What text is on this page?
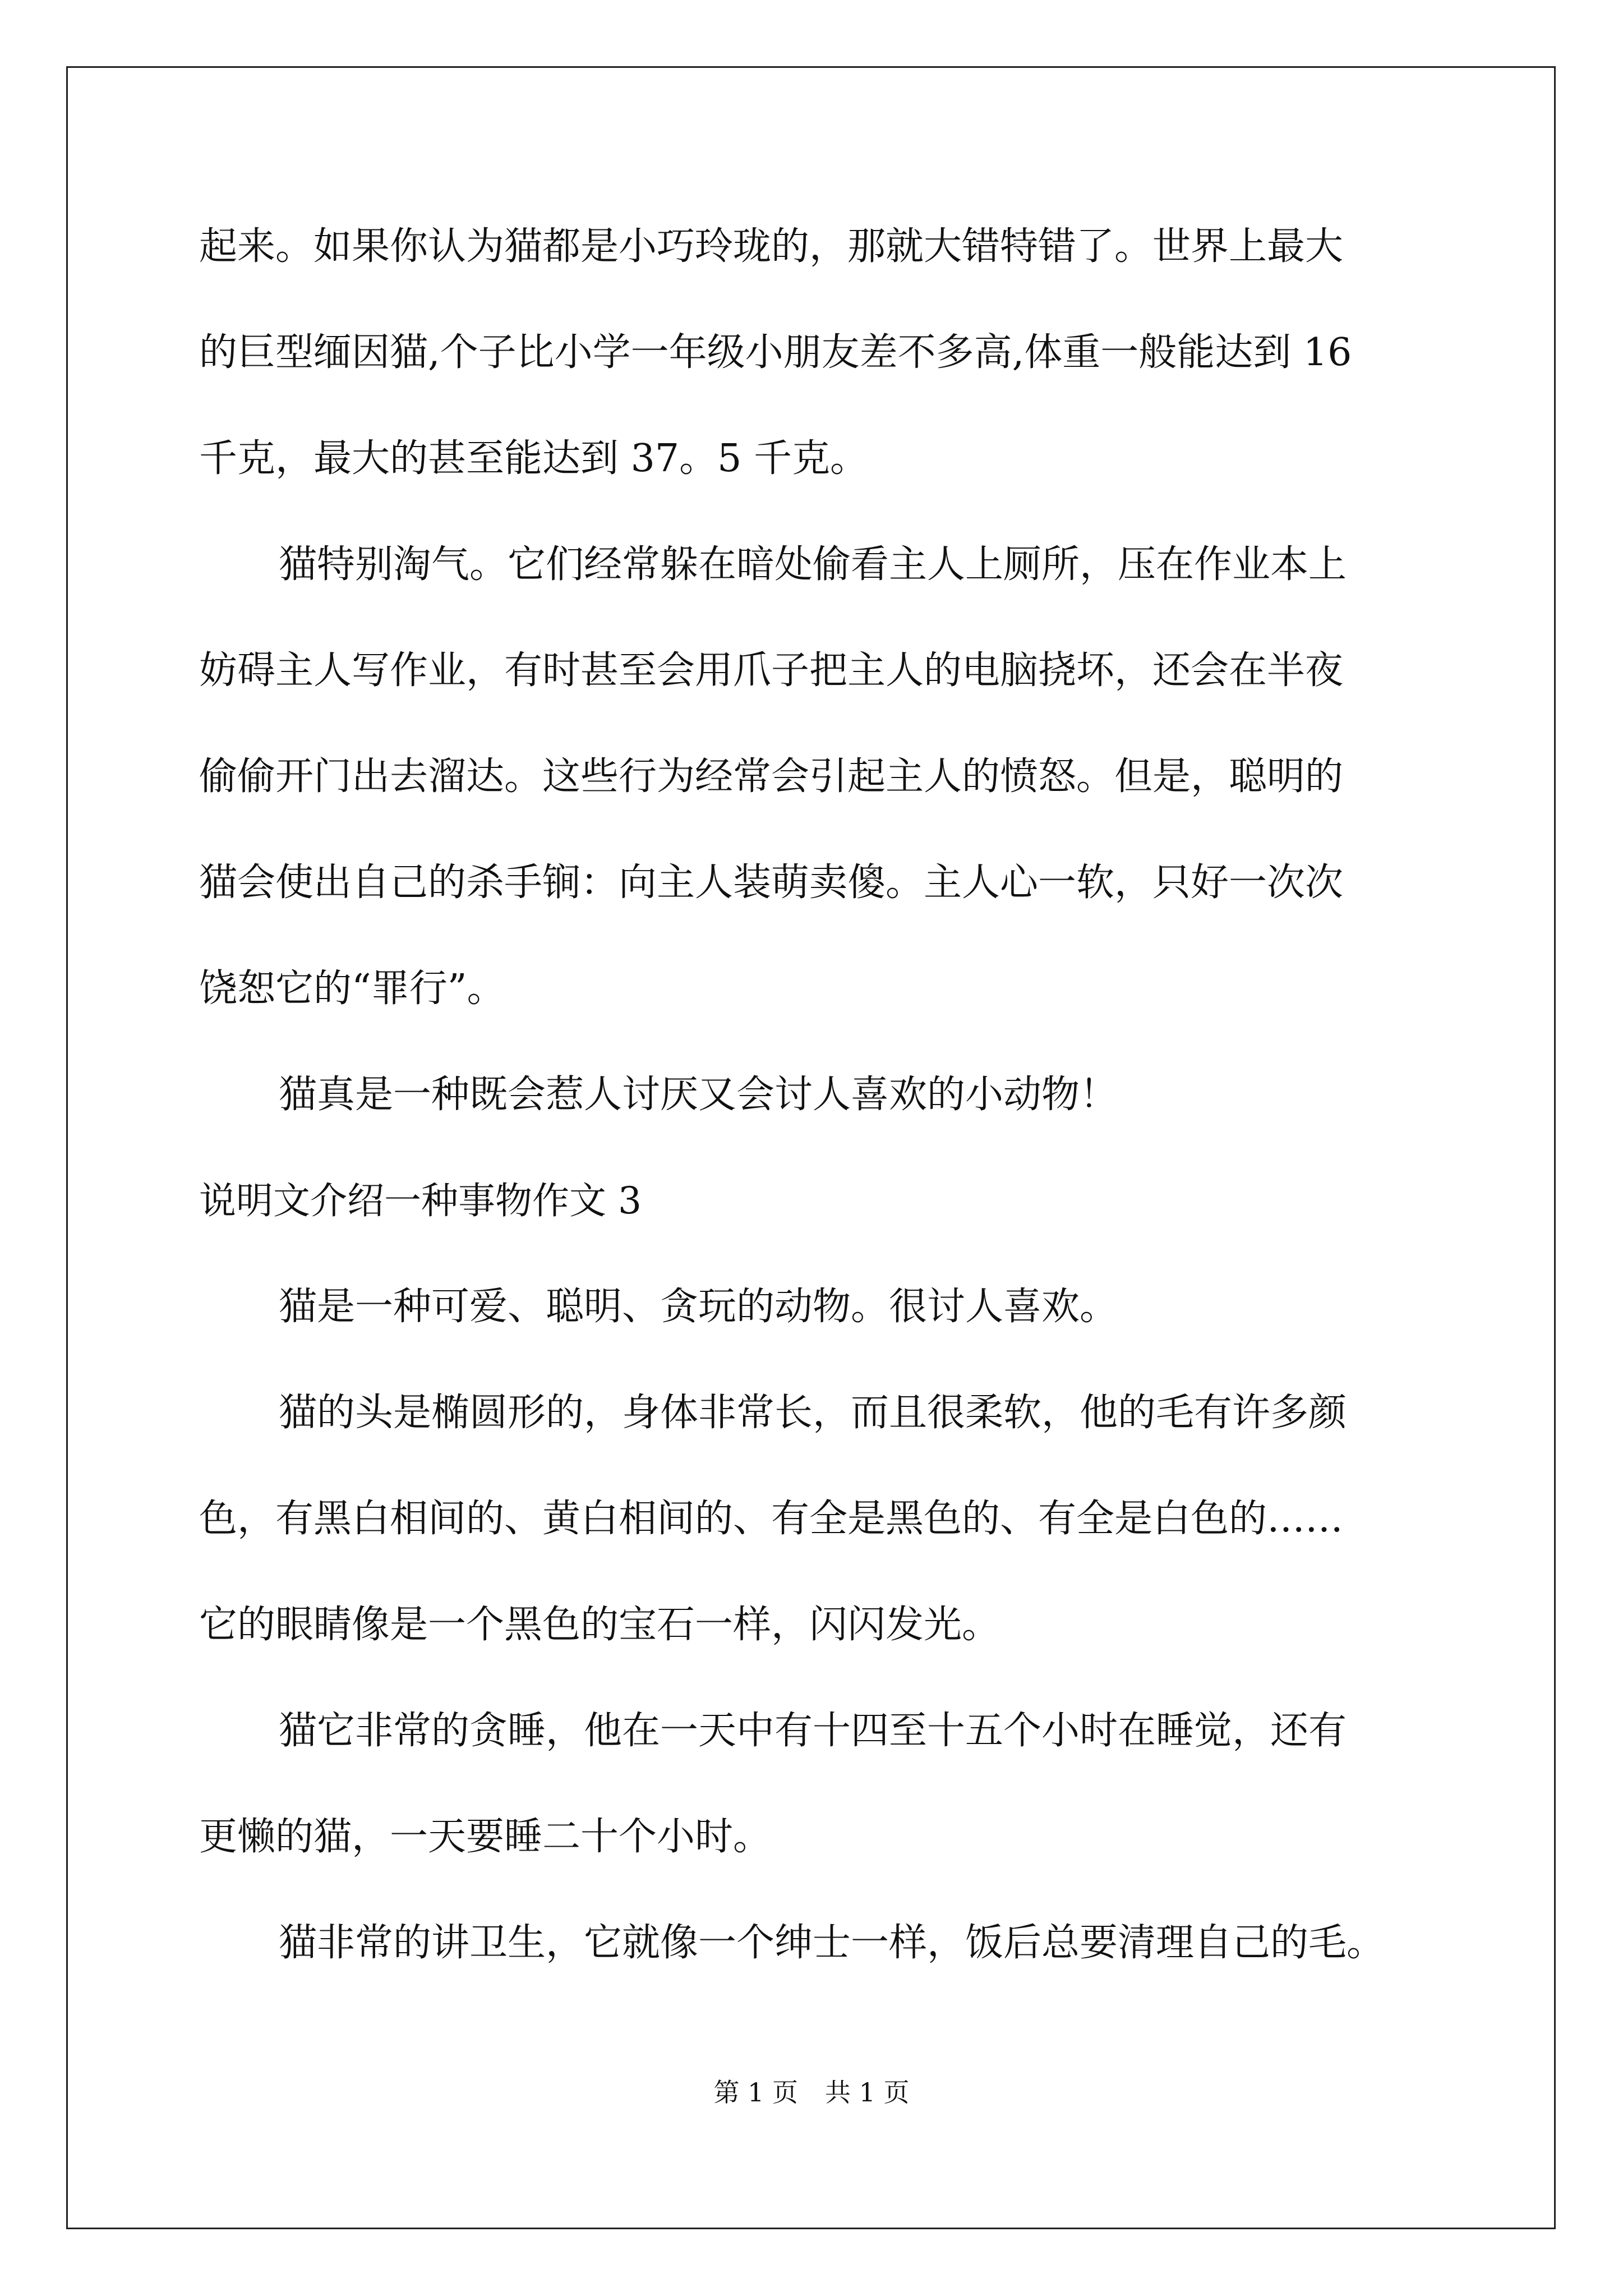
起来。如果你认为猫都是小巧玲珑的，那就大错特错了。世界上最大
的巨型缅因猫,个子比小学一年级小朋友差不多高,体重一般能达到 16
千克，最大的甚至能达到 37。5 千克。
猫特别淘气。它们经常躲在暗处偷看主人上厕所，压在作业本上
妨碍主人写作业，有时甚至会用爪子把主人的电脑挠坏，还会在半夜
偷偷开门出去溜达。这些行为经常会引起主人的愤怒。但是，聪明的
猫会使出自己的杀手锏：向主人装萌卖傻。主人心一软，只好一次次
饶恕它的“罪行”。
猫真是一种既会惹人讨厌又会讨人喜欢的小动物！
说明文介绍一种事物作文 3
猫是一种可爱、聪明、贪玩的动物。很讨人喜欢。
猫的头是椭圆形的，身体非常长，而且很柔软，他的毛有许多颜
色，有黑白相间的、黄白相间的、有全是黑色的、有全是白色的……
它的眼睛像是一个黑色的宝石一样，闪闪发光。
猫它非常的贪睡，他在一天中有十四至十五个小时在睡觉，还有
更懒的猫，一天要睡二十个小时。
猫非常的讲卫生，它就像一个绅士一样，饭后总要清理自己的毛。
第 1 页 共 1 页
